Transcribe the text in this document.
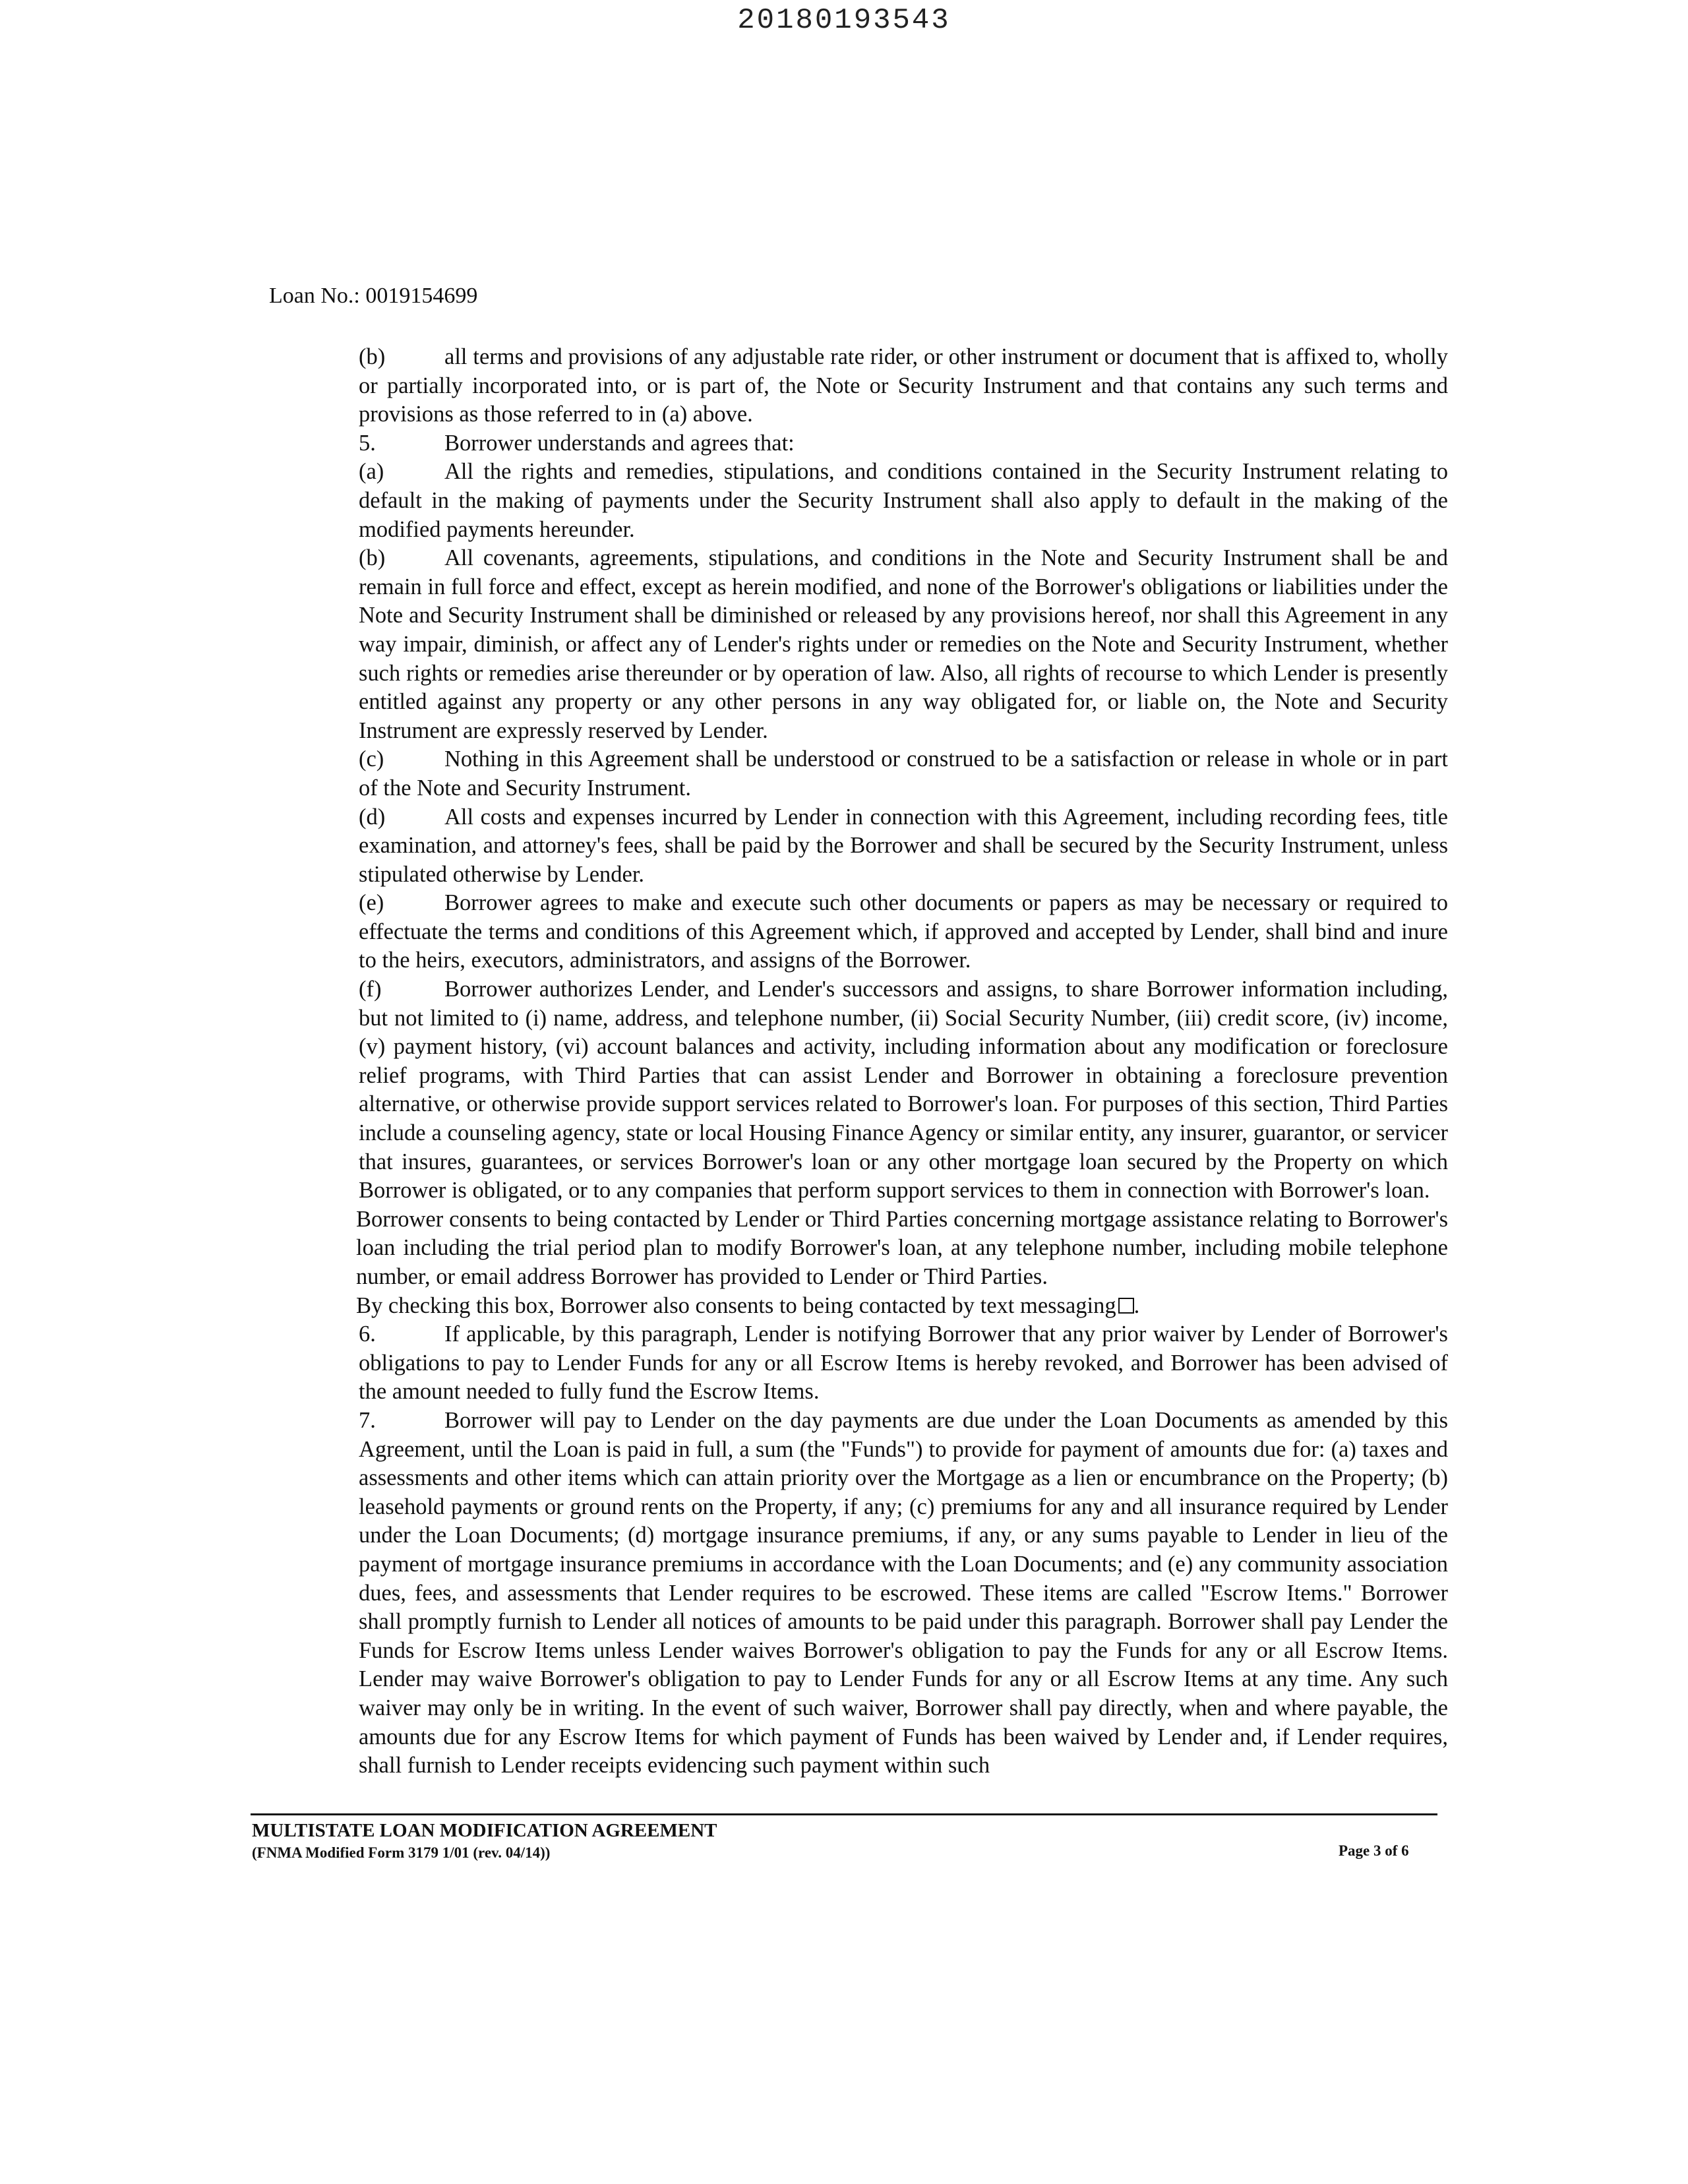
20180193543
Loan No.: 0019154699

(b)	all terms and provisions of any adjustable rate rider, or other instrument or document that is affixed to, wholly or partially incorporated into, or is part of, the Note or Security Instrument and that contains any such terms and provisions as those referred to in (a) above.

5.	Borrower understands and agrees that:

(a)	All the rights and remedies, stipulations, and conditions contained in the Security Instrument relating to default in the making of payments under the Security Instrument shall also apply to default in the making of the modified payments hereunder.

(b)	All covenants, agreements, stipulations, and conditions in the Note and Security Instrument shall be and remain in full force and effect, except as herein modified, and none of the Borrower's obligations or liabilities under the Note and Security Instrument shall be diminished or released by any provisions hereof, nor shall this Agreement in any way impair, diminish, or affect any of Lender's rights under or remedies on the Note and Security Instrument, whether such rights or remedies arise thereunder or by operation of law. Also, all rights of recourse to which Lender is presently entitled against any property or any other persons in any way obligated for, or liable on, the Note and Security Instrument are expressly reserved by Lender.

(c)	Nothing in this Agreement shall be understood or construed to be a satisfaction or release in whole or in part of the Note and Security Instrument.

(d)	All costs and expenses incurred by Lender in connection with this Agreement, including recording fees, title examination, and attorney's fees, shall be paid by the Borrower and shall be secured by the Security Instrument, unless stipulated otherwise by Lender.

(e)	Borrower agrees to make and execute such other documents or papers as may be necessary or required to effectuate the terms and conditions of this Agreement which, if approved and accepted by Lender, shall bind and inure to the heirs, executors, administrators, and assigns of the Borrower.

(f)	Borrower authorizes Lender, and Lender's successors and assigns, to share Borrower information including, but not limited to (i) name, address, and telephone number, (ii) Social Security Number, (iii) credit score, (iv) income, (v) payment history, (vi) account balances and activity, including information about any modification or foreclosure relief programs, with Third Parties that can assist Lender and Borrower in obtaining a foreclosure prevention alternative, or otherwise provide support services related to Borrower's loan. For purposes of this section, Third Parties include a counseling agency, state or local Housing Finance Agency or similar entity, any insurer, guarantor, or servicer that insures, guarantees, or services Borrower's loan or any other mortgage loan secured by the Property on which Borrower is obligated, or to any companies that perform support services to them in connection with Borrower's loan.

Borrower consents to being contacted by Lender or Third Parties concerning mortgage assistance relating to Borrower's loan including the trial period plan to modify Borrower's loan, at any telephone number, including mobile telephone number, or email address Borrower has provided to Lender or Third Parties.

By checking this box, Borrower also consents to being contacted by text messaging .

6.	If applicable, by this paragraph, Lender is notifying Borrower that any prior waiver by Lender of Borrower's obligations to pay to Lender Funds for any or all Escrow Items is hereby revoked, and Borrower has been advised of the amount needed to fully fund the Escrow Items.

7.	Borrower will pay to Lender on the day payments are due under the Loan Documents as amended by this Agreement, until the Loan is paid in full, a sum (the "Funds") to provide for payment of amounts due for: (a) taxes and assessments and other items which can attain priority over the Mortgage as a lien or encumbrance on the Property; (b) leasehold payments or ground rents on the Property, if any; (c) premiums for any and all insurance required by Lender under the Loan Documents; (d) mortgage insurance premiums, if any, or any sums payable to Lender in lieu of the payment of mortgage insurance premiums in accordance with the Loan Documents; and (e) any community association dues, fees, and assessments that Lender requires to be escrowed. These items are called "Escrow Items." Borrower shall promptly furnish to Lender all notices of amounts to be paid under this paragraph. Borrower shall pay Lender the Funds for Escrow Items unless Lender waives Borrower's obligation to pay the Funds for any or all Escrow Items. Lender may waive Borrower's obligation to pay to Lender Funds for any or all Escrow Items at any time. Any such waiver may only be in writing. In the event of such waiver, Borrower shall pay directly, when and where payable, the amounts due for any Escrow Items for which payment of Funds has been waived by Lender and, if Lender requires, shall furnish to Lender receipts evidencing such payment within such

MULTISTATE LOAN MODIFICATION AGREEMENT
(FNMA Modified Form 3179 1/01 (rev. 04/14))	Page 3 of 6
